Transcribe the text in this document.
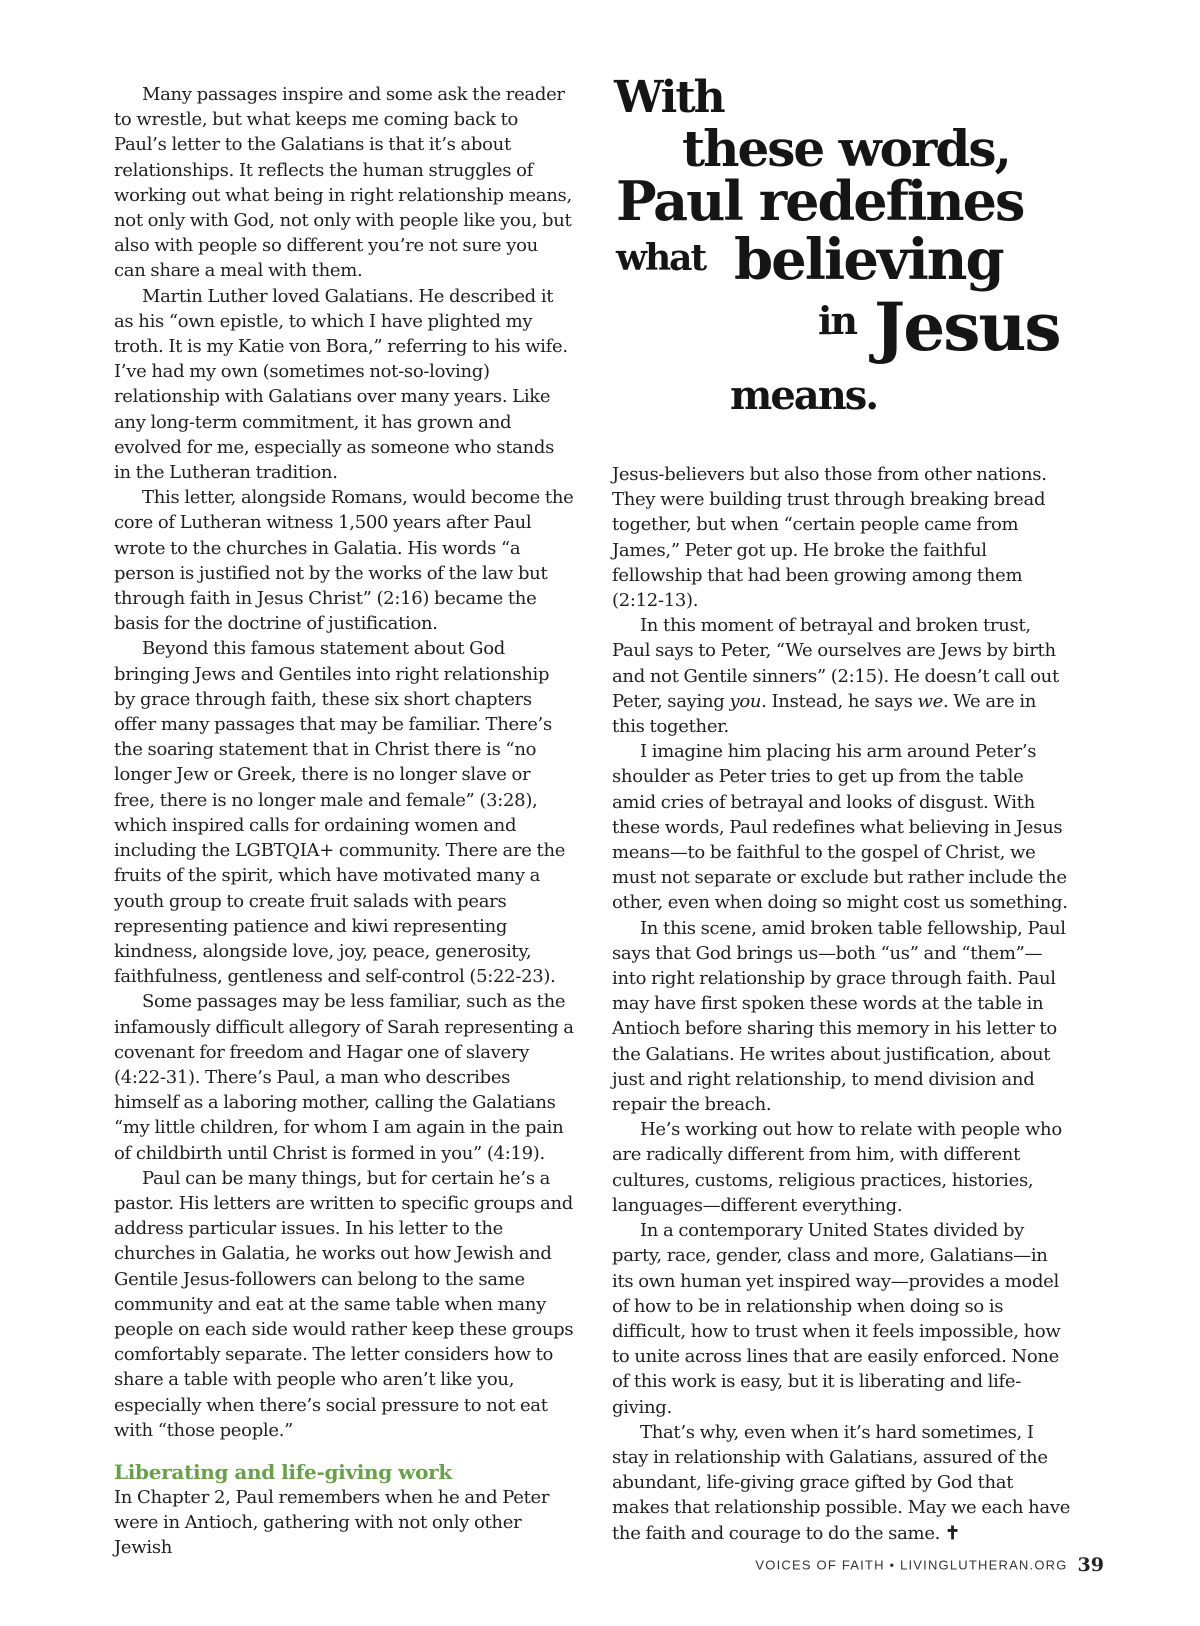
Many passages inspire and some ask the reader to wrestle, but what keeps me coming back to Paul’s letter to the Galatians is that it’s about relationships. It reflects the human struggles of working out what being in right relationship means, not only with God, not only with people like you, but also with people so different you’re not sure you can share a meal with them.

Martin Luther loved Galatians. He described it as his “own epistle, to which I have plighted my troth. It is my Katie von Bora,” referring to his wife. I’ve had my own (sometimes not-so-loving) relationship with Galatians over many years. Like any long-term commitment, it has grown and evolved for me, especially as someone who stands in the Lutheran tradition.

This letter, alongside Romans, would become the core of Lutheran witness 1,500 years after Paul wrote to the churches in Galatia. His words “a person is justified not by the works of the law but through faith in Jesus Christ” (2:16) became the basis for the doctrine of justification.

Beyond this famous statement about God bringing Jews and Gentiles into right relationship by grace through faith, these six short chapters offer many passages that may be familiar. There’s the soaring statement that in Christ there is “no longer Jew or Greek, there is no longer slave or free, there is no longer male and female” (3:28), which inspired calls for ordaining women and including the LGBTQIA+ community. There are the fruits of the spirit, which have motivated many a youth group to create fruit salads with pears representing patience and kiwi representing kindness, alongside love, joy, peace, generosity, faithfulness, gentleness and self-control (5:22-23).

Some passages may be less familiar, such as the infamously difficult allegory of Sarah representing a covenant for freedom and Hagar one of slavery (4:22-31). There’s Paul, a man who describes himself as a laboring mother, calling the Galatians “my little children, for whom I am again in the pain of childbirth until Christ is formed in you” (4:19).

Paul can be many things, but for certain he’s a pastor. His letters are written to specific groups and address particular issues. In his letter to the churches in Galatia, he works out how Jewish and Gentile Jesus-followers can belong to the same community and eat at the same table when many people on each side would rather keep these groups comfortably separate. The letter considers how to share a table with people who aren’t like you, especially when there’s social pressure to not eat with “those people.”

Liberating and life-giving work

In Chapter 2, Paul remembers when he and Peter were in Antioch, gathering with not only other Jewish

With
these words,
Paul redefines
what believing
in Jesus
means.

Jesus-believers but also those from other nations. They were building trust through breaking bread together, but when “certain people came from James,” Peter got up. He broke the faithful fellowship that had been growing among them (2:12-13).

In this moment of betrayal and broken trust, Paul says to Peter, “We ourselves are Jews by birth and not Gentile sinners” (2:15). He doesn’t call out Peter, saying you. Instead, he says we. We are in this together.

I imagine him placing his arm around Peter’s shoulder as Peter tries to get up from the table amid cries of betrayal and looks of disgust. With these words, Paul redefines what believing in Jesus means—to be faithful to the gospel of Christ, we must not separate or exclude but rather include the other, even when doing so might cost us something.

In this scene, amid broken table fellowship, Paul says that God brings us—both “us” and “them”—into right relationship by grace through faith. Paul may have first spoken these words at the table in Antioch before sharing this memory in his letter to the Galatians. He writes about justification, about just and right relationship, to mend division and repair the breach.

He’s working out how to relate with people who are radically different from him, with different cultures, customs, religious practices, histories, languages—different everything.

In a contemporary United States divided by party, race, gender, class and more, Galatians—in its own human yet inspired way—provides a model of how to be in relationship when doing so is difficult, how to trust when it feels impossible, how to unite across lines that are easily enforced. None of this work is easy, but it is liberating and life-giving.

That’s why, even when it’s hard sometimes, I stay in relationship with Galatians, assured of the abundant, life-giving grace gifted by God that makes that relationship possible. May we each have the faith and courage to do the same. ✝

VOICES OF FAITH • LIVINGLUTHERAN.ORG 39
